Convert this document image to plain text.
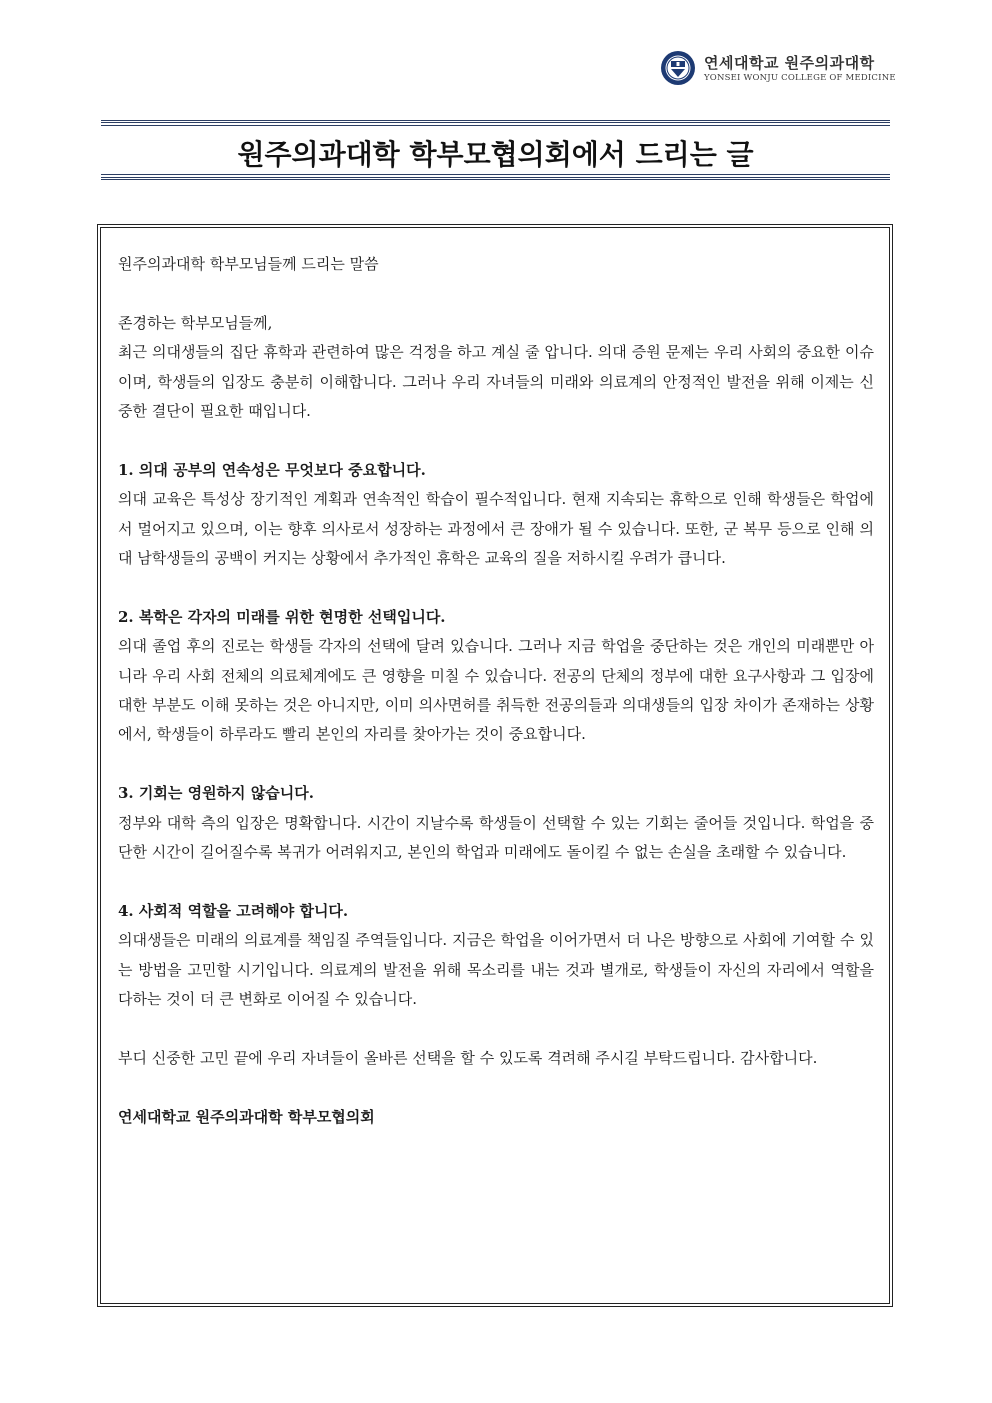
연세대학교 원주의과대학
YONSEI WONJU COLLEGE OF MEDICINE
원주의과대학 학부모협의회에서 드리는 글

원주의과대학 학부모님들께 드리는 말씀

존경하는 학부모님들께,

최근 의대생들의 집단 휴학과 관련하여 많은 걱정을 하고 계실 줄 압니다. 의대 증원 문제는 우리 사회의 중요한 이슈이며, 학생들의 입장도 충분히 이해합니다. 그러나 우리 자녀들의 미래와 의료계의 안정적인 발전을 위해 이제는 신중한 결단이 필요한 때입니다.

1. 의대 공부의 연속성은 무엇보다 중요합니다.

의대 교육은 특성상 장기적인 계획과 연속적인 학습이 필수적입니다. 현재 지속되는 휴학으로 인해 학생들은 학업에서 멀어지고 있으며, 이는 향후 의사로서 성장하는 과정에서 큰 장애가 될 수 있습니다. 또한, 군 복무 등으로 인해 의대 남학생들의 공백이 커지는 상황에서 추가적인 휴학은 교육의 질을 저하시킬 우려가 큽니다.

2. 복학은 각자의 미래를 위한 현명한 선택입니다.

의대 졸업 후의 진로는 학생들 각자의 선택에 달려 있습니다. 그러나 지금 학업을 중단하는 것은 개인의 미래뿐만 아니라 우리 사회 전체의 의료체계에도 큰 영향을 미칠 수 있습니다. 전공의 단체의 정부에 대한 요구사항과 그 입장에 대한 부분도 이해 못하는 것은 아니지만, 이미 의사면허를 취득한 전공의들과 의대생들의 입장 차이가 존재하는 상황에서, 학생들이 하루라도 빨리 본인의 자리를 찾아가는 것이 중요합니다.

3. 기회는 영원하지 않습니다.

정부와 대학 측의 입장은 명확합니다. 시간이 지날수록 학생들이 선택할 수 있는 기회는 줄어들 것입니다. 학업을 중단한 시간이 길어질수록 복귀가 어려워지고, 본인의 학업과 미래에도 돌이킬 수 없는 손실을 초래할 수 있습니다.

4. 사회적 역할을 고려해야 합니다.

의대생들은 미래의 의료계를 책임질 주역들입니다. 지금은 학업을 이어가면서 더 나은 방향으로 사회에 기여할 수 있는 방법을 고민할 시기입니다. 의료계의 발전을 위해 목소리를 내는 것과 별개로, 학생들이 자신의 자리에서 역할을 다하는 것이 더 큰 변화로 이어질 수 있습니다.

부디 신중한 고민 끝에 우리 자녀들이 올바른 선택을 할 수 있도록 격려해 주시길 부탁드립니다. 감사합니다.

연세대학교 원주의과대학 학부모협의회
